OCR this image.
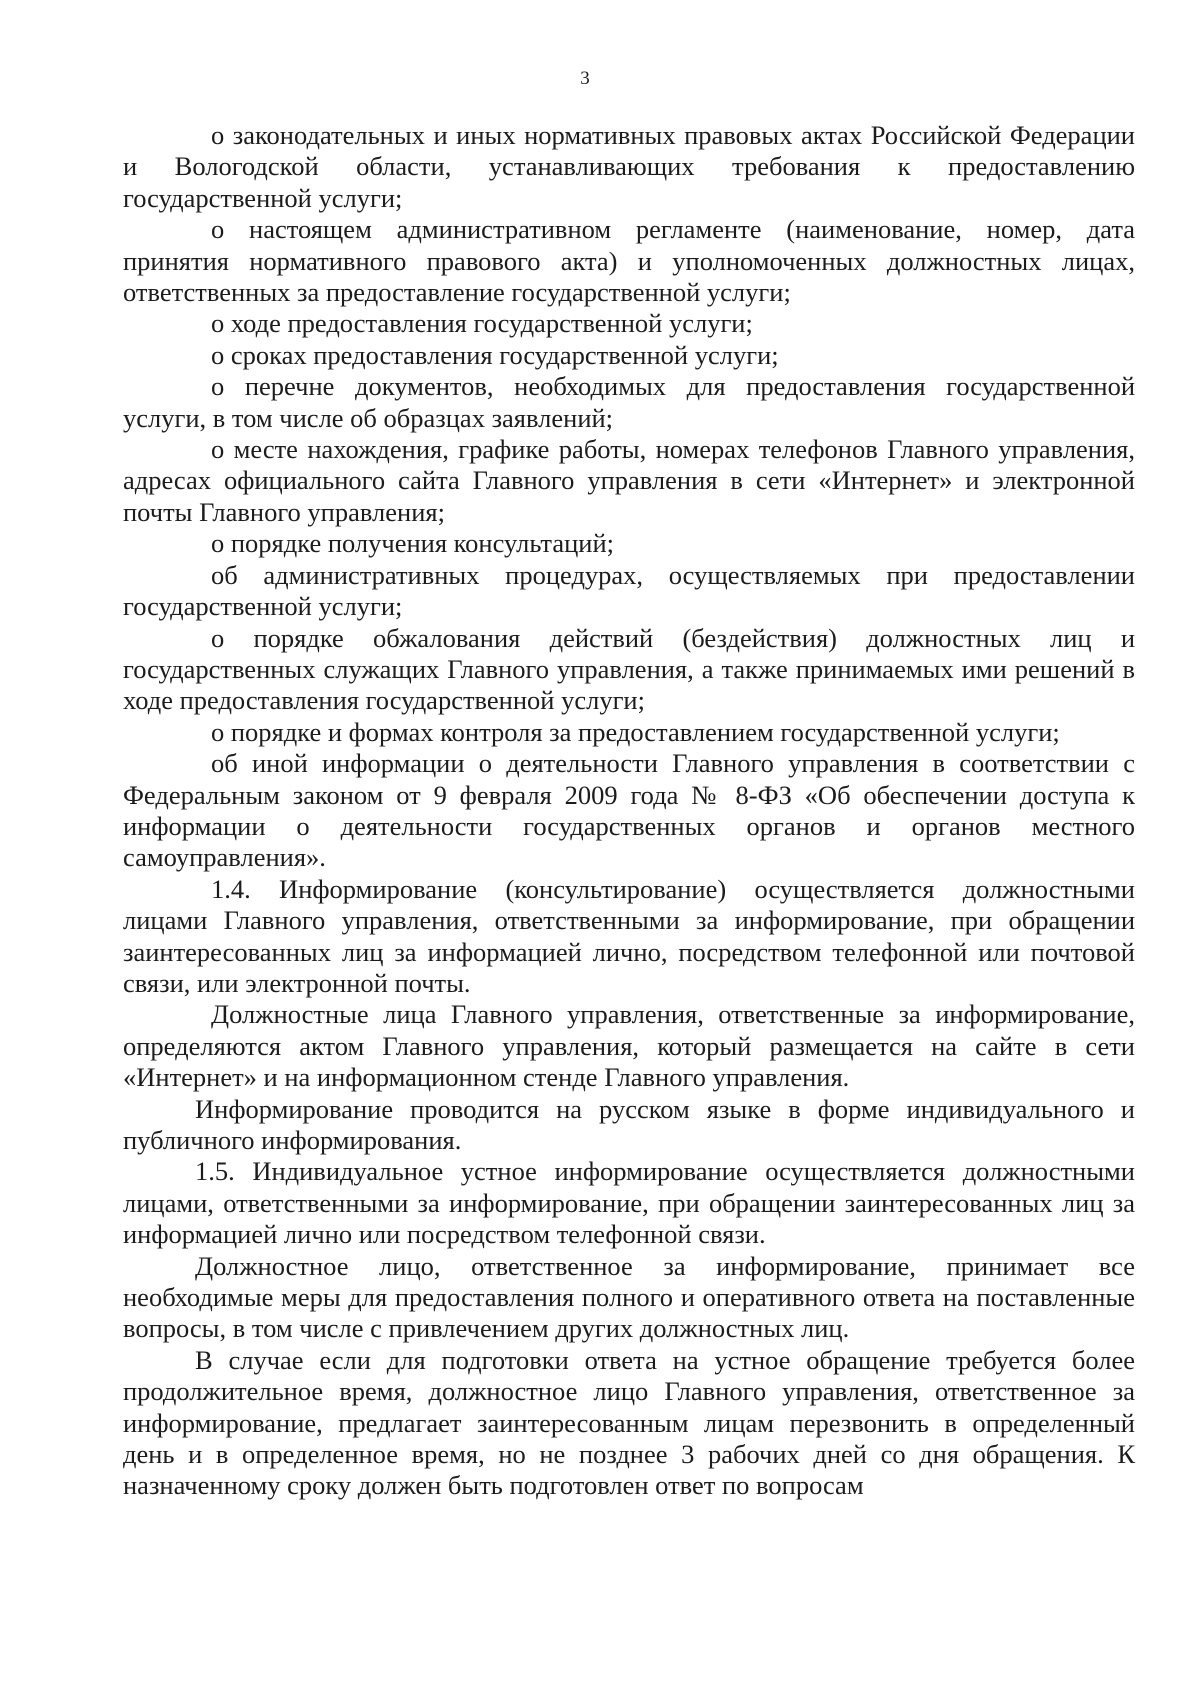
3

о законодательных и иных нормативных правовых актах Российской Федерации и Вологодской области, устанавливающих требования к предоставлению государственной услуги;

о настоящем административном регламенте (наименование, номер, дата принятия нормативного правового акта) и уполномоченных должностных лицах, ответственных за предоставление государственной услуги;

о ходе предоставления государственной услуги;

о сроках предоставления государственной услуги;

о перечне документов, необходимых для предоставления государственной услуги, в том числе об образцах заявлений;

о месте нахождения, графике работы, номерах телефонов Главного управления, адресах официального сайта Главного управления в сети «Интернет» и электронной почты Главного управления;

о порядке получения консультаций;

об административных процедурах, осуществляемых при предоставлении государственной услуги;

о порядке обжалования действий (бездействия) должностных лиц и государственных служащих Главного управления, а также принимаемых ими решений в ходе предоставления государственной услуги;

о порядке и формах контроля за предоставлением государственной услуги;

об иной информации о деятельности Главного управления в соответствии с Федеральным законом от 9 февраля 2009 года № 8-ФЗ «Об обеспечении доступа к информации о деятельности государственных органов и органов местного самоуправления».

1.4. Информирование (консультирование) осуществляется должностными лицами Главного управления, ответственными за информирование, при обращении заинтересованных лиц за информацией лично, посредством телефонной или почтовой связи, или электронной почты.

Должностные лица Главного управления, ответственные за информирование, определяются актом Главного управления, который размещается на сайте в сети «Интернет» и на информационном стенде Главного управления.

Информирование проводится на русском языке в форме индивидуального и публичного информирования.

1.5. Индивидуальное устное информирование осуществляется должностными лицами, ответственными за информирование, при обращении заинтересованных лиц за информацией лично или посредством телефонной связи.

Должностное лицо, ответственное за информирование, принимает все необходимые меры для предоставления полного и оперативного ответа на поставленные вопросы, в том числе с привлечением других должностных лиц.

В случае если для подготовки ответа на устное обращение требуется более продолжительное время, должностное лицо Главного управления, ответственное за информирование, предлагает заинтересованным лицам перезвонить в определенный день и в определенное время, но не позднее 3 рабочих дней со дня обращения. К назначенному сроку должен быть подготовлен ответ по вопросам
